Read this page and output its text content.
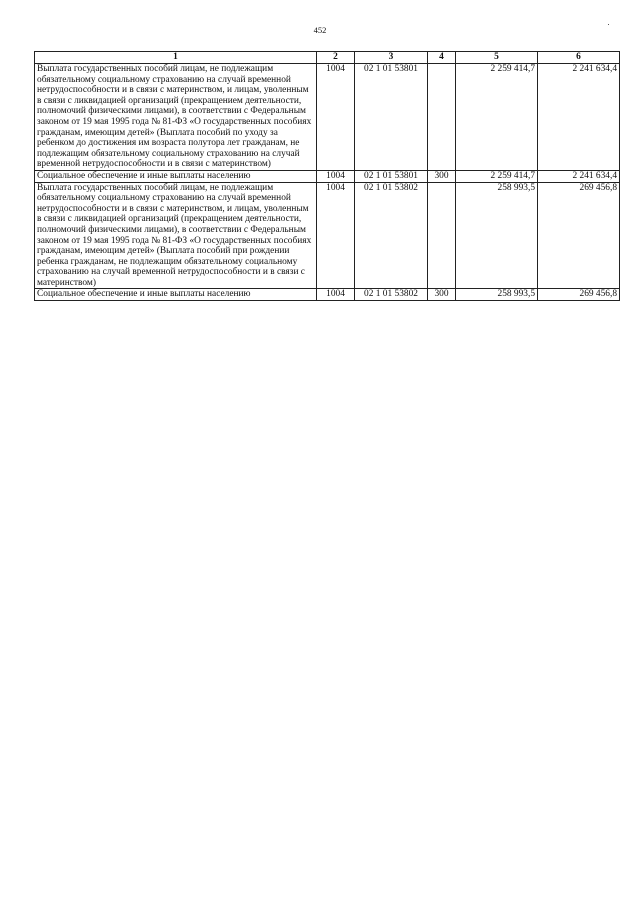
452
1	2	3	4	5	6
Выплата государственных пособий лицам, не подлежащим обязательному социальному страхованию на случай временной нетрудоспособности и в связи с материнством, и лицам, уволенным в связи с ликвидацией организаций (прекращением деятельности, полномочий физическими лицами), в соответствии с Федеральным законом от 19 мая 1995 года № 81-ФЗ «О государственных пособиях гражданам, имеющим детей» (Выплата пособий по уходу за ребенком до достижения им возраста полутора лет гражданам, не подлежащим обязательному социальному страхованию на случай временной нетрудоспособности и в связи с материнством)	1004	02 1 01 53801		2 259 414,7	2 241 634,4
Социальное обеспечение и иные выплаты населению	1004	02 1 01 53801	300	2 259 414,7	2 241 634,4
Выплата государственных пособий лицам, не подлежащим обязательному социальному страхованию на случай временной нетрудоспособности и в связи с материнством, и лицам, уволенным в связи с ликвидацией организаций (прекращением деятельности, полномочий физическими лицами), в соответствии с Федеральным законом от 19 мая 1995 года № 81-ФЗ «О государственных пособиях гражданам, имеющим детей» (Выплата пособий при рождении ребенка гражданам, не подлежащим обязательному социальному страхованию на случай временной нетрудоспособности и в связи с материнством)	1004	02 1 01 53802		258 993,5	269 456,8
Социальное обеспечение и иные выплаты населению	1004	02 1 01 53802	300	258 993,5	269 456,8
